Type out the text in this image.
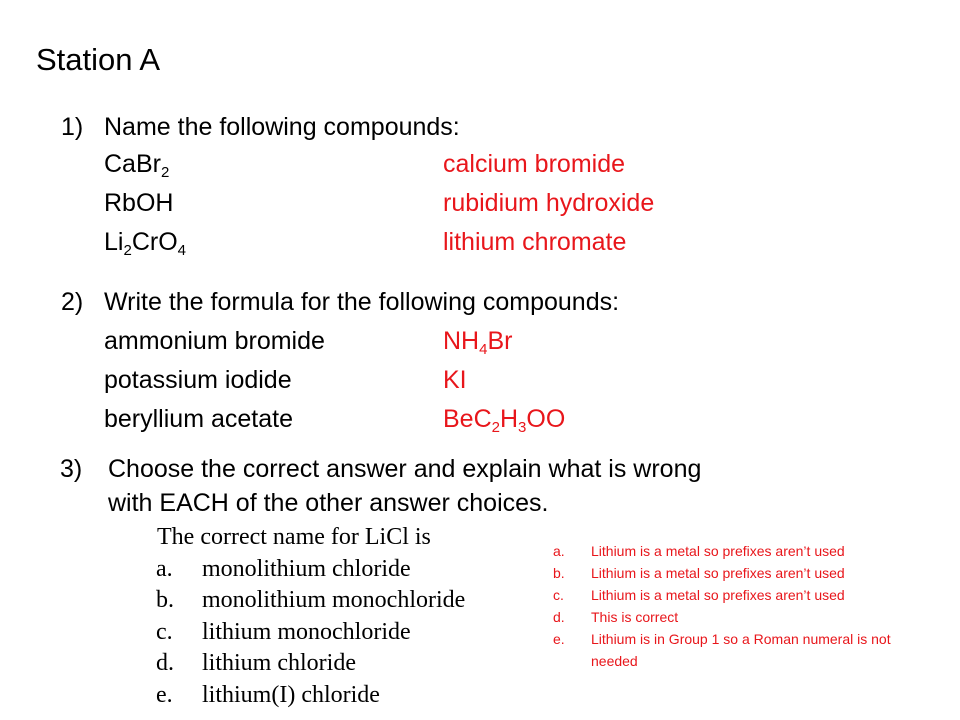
Station A
1) Name the following compounds:
CaBr$_2$	calcium bromide
RbOH	rubidium hydroxide
$Li_2CrO_4$	lithium chromate
2) Write the formula for the following compounds:
ammonium bromide	$NH_4Br$
potassium iodide	KI
beryllium acetate	$BeC_2H_3OO$
3) Choose the correct answer and explain what is wrong
with EACH of the other answer choices.
The correct name for LiCl is
a. monolithium chloride
b. monolithium monochloride
c. lithium monochloride
d. lithium chloride
e. lithium(I) chloride
a. Lithium is a metal so prefixes aren’t used
b. Lithium is a metal so prefixes aren’t used
c. Lithium is a metal so prefixes aren’t used
d. This is correct
e. Lithium is in Group 1 so a Roman numeral is not needed
